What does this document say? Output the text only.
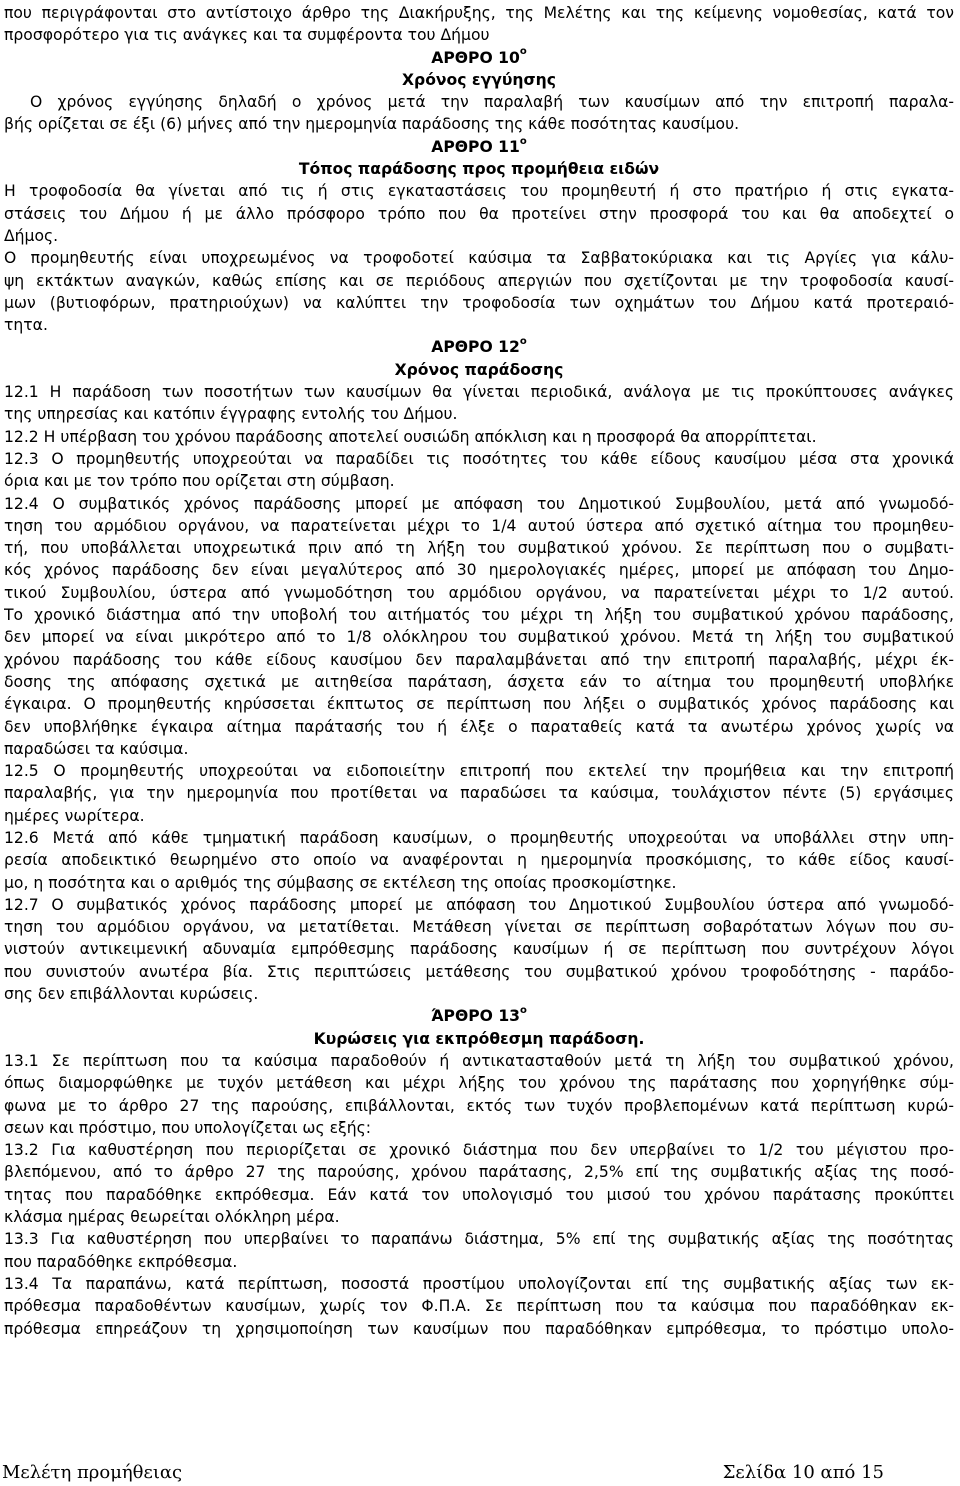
που περιγράφονται στο αντίστοιχο άρθρο της Διακήρυξης, της Μελέτης και της κείμενης νομοθεσίας, κατά τον
προσφορότερο για τις ανάγκες και τα συμφέροντα του Δήμου
ΑΡΘΡΟ $10^o$
Χρόνος εγγύησης
Ο χρόνος εγγύησης δηλαδή ο χρόνος μετά την παραλαβή των καυσίμων από την επιτροπή παραλα-
βής ορίζεται σε έξι (6) μήνες από την ημερομηνία παράδοσης της κάθε ποσότητας καυσίμου.
ΑΡΘΡΟ $11^o$
Τόπος παράδοσης προς προμήθεια ειδών
Η τροφοδοσία θα γίνεται από τις ή στις εγκαταστάσεις του προμηθευτή ή στο πρατήριο ή στις εγκατα-
στάσεις του Δήμου ή με άλλο πρόσφορο τρόπο που θα προτείνει στην προσφορά του και θα αποδεχτεί ο
Δήμος.
Ο προμηθευτής είναι υποχρεωμένος να τροφοδοτεί καύσιμα τα Σαββατοκύριακα και τις Αργίες για κάλυ-
ψη εκτάκτων αναγκών, καθώς επίσης και σε περιόδους απεργιών που σχετίζονται με την τροφοδοσία καυσί-
μων (βυτιοφόρων, πρατηριούχων) να καλύπτει την τροφοδοσία των οχημάτων του Δήμου κατά προτεραιό-
τητα.
ΑΡΘΡΟ $12^o$
Χρόνος παράδοσης
12.1 Η παράδοση των ποσοτήτων των καυσίμων θα γίνεται περιοδικά, ανάλογα με τις προκύπτουσες ανάγκες
της υπηρεσίας και κατόπιν έγγραφης εντολής του Δήμου.
12.2 Η υπέρβαση του χρόνου παράδοσης αποτελεί ουσιώδη απόκλιση και η προσφορά θα απορρίπτεται.
12.3 Ο προμηθευτής υποχρεούται να παραδίδει τις ποσότητες του κάθε είδους καυσίμου μέσα στα χρονικά
όρια και με τον τρόπο που ορίζεται στη σύμβαση.
12.4 Ο συμβατικός χρόνος παράδοσης μπορεί με απόφαση του Δημοτικού Συμβουλίου, μετά από γνωμοδό-
τηση του αρμόδιου οργάνου, να παρατείνεται μέχρι το 1/4 αυτού ύστερα από σχετικό αίτημα του προμηθευ-
τή, που υποβάλλεται υποχρεωτικά πριν από τη λήξη του συμβατικού χρόνου. Σε περίπτωση που ο συμβατι-
κός χρόνος παράδοσης δεν είναι μεγαλύτερος από 30 ημερολογιακές ημέρες, μπορεί με απόφαση του Δημο-
τικού Συμβουλίου, ύστερα από γνωμοδότηση του αρμόδιου οργάνου, να παρατείνεται μέχρι το 1/2 αυτού.
Το χρονικό διάστημα από την υποβολή του αιτήματός του μέχρι τη λήξη του συμβατικού χρόνου παράδοσης,
δεν μπορεί να είναι μικρότερο από το 1/8 ολόκληρου του συμβατικού χρόνου. Μετά τη λήξη του συμβατικού
χρόνου παράδοσης του κάθε είδους καυσίμου δεν παραλαμβάνεται από την επιτροπή παραλαβής, μέχρι έκ-
δοσης της απόφασης σχετικά με αιτηθείσα παράταση, άσχετα εάν το αίτημα του προμηθευτή υποβλήκε
έγκαιρα. Ο προμηθευτής κηρύσσεται έκπτωτος σε περίπτωση που λήξει ο συμβατικός χρόνος παράδοσης και
δεν υποβλήθηκε έγκαιρα αίτημα παράτασής του ή έλξε ο παραταθείς κατά τα ανωτέρω χρόνος χωρίς να
παραδώσει τα καύσιμα.
12.5 Ο προμηθευτής υποχρεούται να ειδοποιείτην επιτροπή που εκτελεί την προμήθεια και την επιτροπή
παραλαβής, για την ημερομηνία που προτίθεται να παραδώσει τα καύσιμα, τουλάχιστον πέντε (5) εργάσιμες
ημέρες νωρίτερα.
12.6 Μετά από κάθε τμηματική παράδοση καυσίμων, ο προμηθευτής υποχρεούται να υποβάλλει στην υπη-
ρεσία αποδεικτικό θεωρημένο στο οποίο να αναφέρονται η ημερομηνία προσκόμισης, το κάθε είδος καυσί-
μο, η ποσότητα και ο αριθμός της σύμβασης σε εκτέλεση της οποίας προσκομίστηκε.
12.7 Ο συμβατικός χρόνος παράδοσης μπορεί με απόφαση του Δημοτικού Συμβουλίου ύστερα από γνωμοδό-
τηση του αρμόδιου οργάνου, να μετατίθεται. Μετάθεση γίνεται σε περίπτωση σοβαρότατων λόγων που συ-
νιστούν αντικειμενική αδυναμία εμπρόθεσμης παράδοσης καυσίμων ή σε περίπτωση που συντρέχουν λόγοι
που συνιστούν ανωτέρα βία. Στις περιπτώσεις μετάθεσης του συμβατικού χρόνου τροφοδότησης - παράδο-
σης δεν επιβάλλονται κυρώσεις.
ΆΡΘΡΟ $13^o$
Κυρώσεις για εκπρόθεσμη παράδοση.
13.1 Σε περίπτωση που τα καύσιμα παραδοθούν ή αντικατασταθούν μετά τη λήξη του συμβατικού χρόνου,
όπως διαμορφώθηκε με τυχόν μετάθεση και μέχρι λήξης του χρόνου της παράτασης που χορηγήθηκε σύμ-
φωνα με το άρθρο 27 της παρούσης, επιβάλλονται, εκτός των τυχόν προβλεπομένων κατά περίπτωση κυρώ-
σεων και πρόστιμο, που υπολογίζεται ως εξής:
13.2 Για καθυστέρηση που περιορίζεται σε χρονικό διάστημα που δεν υπερβαίνει το 1/2 του μέγιστου προ-
βλεπόμενου, από το άρθρο 27 της παρούσης, χρόνου παράτασης, 2,5% επί της συμβατικής αξίας της ποσό-
τητας που παραδόθηκε εκπρόθεσμα. Εάν κατά τον υπολογισμό του μισού του χρόνου παράτασης προκύπτει
κλάσμα ημέρας θεωρείται ολόκληρη μέρα.
13.3 Για καθυστέρηση που υπερβαίνει το παραπάνω διάστημα, 5% επί της συμβατικής αξίας της ποσότητας
που παραδόθηκε εκπρόθεσμα.
13.4 Τα παραπάνω, κατά περίπτωση, ποσοστά προστίμου υπολογίζονται επί της συμβατικής αξίας των εκ-
πρόθεσμα παραδοθέντων καυσίμων, χωρίς τον Φ.Π.Α. Σε περίπτωση που τα καύσιμα που παραδόθηκαν εκ-
πρόθεσμα επηρεάζουν τη χρησιμοποίηση των καυσίμων που παραδόθηκαν εμπρόθεσμα, το πρόστιμο υπολο-
Μελέτη προμήθειας	Σελίδα 10 από 15
